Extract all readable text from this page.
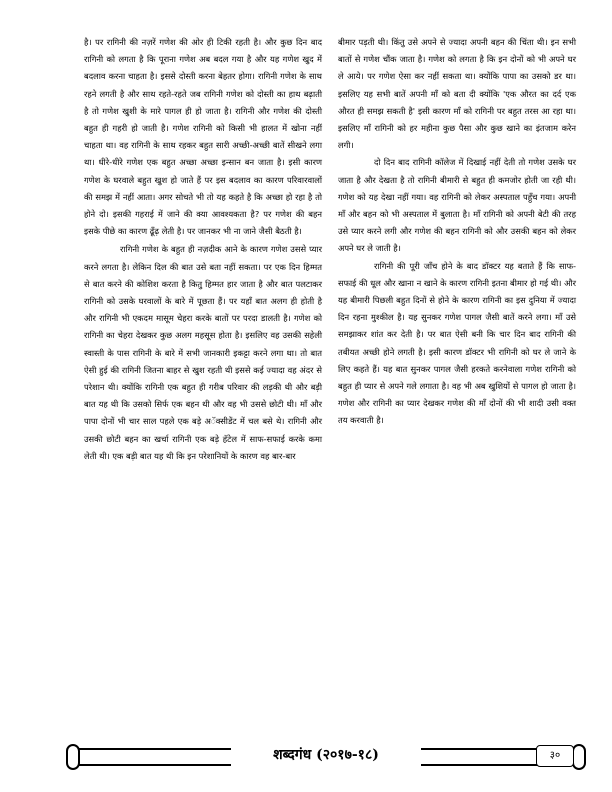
है। पर रागिनी की नज़रें गणेश की ओर ही टिकी रहती है। और कुछ दिन बाद रागिनी को लगता है कि पूराना गणेश अब बदल गया है और यह गणेश खुद में बदलाव करना चाहता है। इससे दोस्ती करना बेहतर होगा। रागिनी गणेश के साथ रहने लगती है और साथ रहते-रहते जब रागिनी गणेश को दोस्ती का हाथ बढ़ाती है तो गणेश खुशी के मारे पागल ही हो जाता है। रागिनी और गणेश की दोस्ती बहुत ही गहरी हो जाती है। गणेश रागिनी को किसी भी हालत में खोना नहीं चाहता था। वह रागिनी के साथ रहकर बहुत सारी अच्छी-अच्छी बातें सीखने लगा था। धीरे-धीरे गणेश एक बहुत अच्छा अच्छा इन्सान बन जाता है। इसी कारण गणेश के घरवाले बहुत खुश हो जाते हैं पर इस बदलाव का कारण परिवारवालों की समझ में नहीं आता। अगर सोचते भी तो यह कहते है कि अच्छा हो रहा है तो होने दो। इसकी गहराई में जाने की क्या आवश्यकता है? पर गणेश की बहन इसके पीछे का कारण ढूँढ़ लेती है। पर जानकर भी ना जाने जैसी बैठती है।

रागिनी गणेश के बहुत ही नज़दीक आने के कारण गणेश उससे प्यार करने लगता है। लेकिन दिल की बात उसे बता नहीं सकता। पर एक दिन हिम्मत से बात करने की कोशिश करता है कितु हिम्मत हार जाता है और बात पलटाकर रागिनी को उसके घरवालों के बारे में पूछता हैं। पर यहाँ बात अलग ही होती है और रागिनी भी एकदम मासूम चेहरा करके बातों पर परदा डालती है। गणेश को रागिनी का चेहरा देखकर कुछ अलग महसूस होता है। इसलिए वह उसकी सहेली स्वास्ती के पास रागिनी के बारे में सभी जानकारी इकट्टा करने लगा था। तो बात ऐसी हुई की रागिनी जितना बाहर से खुश रहती थी इससे कई ज्यादा वह अंदर से परेशान थी। क्योंकि रागिनी एक बहुत ही गरीब परिवार की लड़की थी और बड़ी बात यह थी कि उसको सिर्फ एक बहन थी और वह भी उससे छोटी थी। माँ और पापा दोनों भी चार साल पहले एक बड़े अॅक्सीडेंट में चल बसे थे। रागिनी और उसकी छोटी बहन का खर्चा रागिनी एक बड़े हॅटेल में साफ-सफाई करके कमा लेती थी। एक बड़ी बात यह थी कि इन परेशानियों के कारण वह बार-बार

बीमार पड़ती थी। किंतु उसे अपने से ज्यादा अपनी बहन की चिंता थी। इन सभी बातों से गणेश चौंक जाता है। गणेश को लगता है कि इन दोनों को भी अपने घर ले आये। पर गणेश ऐसा कर नहीं सकता था। क्योंकि पापा का उसको डर था। इसलिए यह सभी बातें अपनी माँ को बता दी क्योंकि 'एक औरत का दर्द एक औरत ही समझ सकती है' इसी कारण माँ को रागिनी पर बहुत तरस आ रहा था। इसलिए माँ रागिनी को हर महीना कुछ पैसा और कुछ खाने का इंतजाम करेन लगी।

दो दिन बाद रागिनी कॉलेज में दिखाई नहीं देती तो गणेश उसके घर जाता है और देखता है तो रागिनी बीमारी से बहुत ही कमजोर होती जा रही थी। गणेश को यह देखा नहीं गया। वह रागिनी को लेकर अस्पताल पहुँच गया। अपनी माँ और बहन को भी अस्पताल में बुलाता है। माँ रागिनी को अपनी बेटी की तरह उसे प्यार करने लगी और गणेश की बहन रागिनी को और उसकी बहन को लेकर अपने घर ले जाती है।

रागिनी की पूरी जाँच होने के बाद डॉक्टर यह बताते हैं कि साफ-सफाई की धूल और खाना न खाने के कारण रागिनी इतना बीमार हो गई थी। और यह बीमारी पिछली बहुत दिनों से होने के कारण रागिनी का इस दुनिया में ज्यादा दिन रहना मुश्कील है। यह सुनकर गणेश पागल जैसी बातें करने लगा। माँ उसे समझाकर शांत कर देती है। पर बात ऐसी बनी कि चार दिन बाद रागिनी की तबीयत अच्छी होने लगती है। इसी कारण डॉक्टर भी रागिनी को घर ले जाने के लिए कहते हैं। यह बात सुनकर पागल जैसी हरकते करनेवाला गणेश रागिनी को बहुत ही प्यार से अपने गले लगाता है। वह भी अब खुशियों से पागल हो जाता है। गणेश और रागिनी का प्यार देखकर गणेश की माँ दोनों की भी शादी उसी वक्त तय करवाती है।

शब्दगंध (२०१७-१८)	३०
